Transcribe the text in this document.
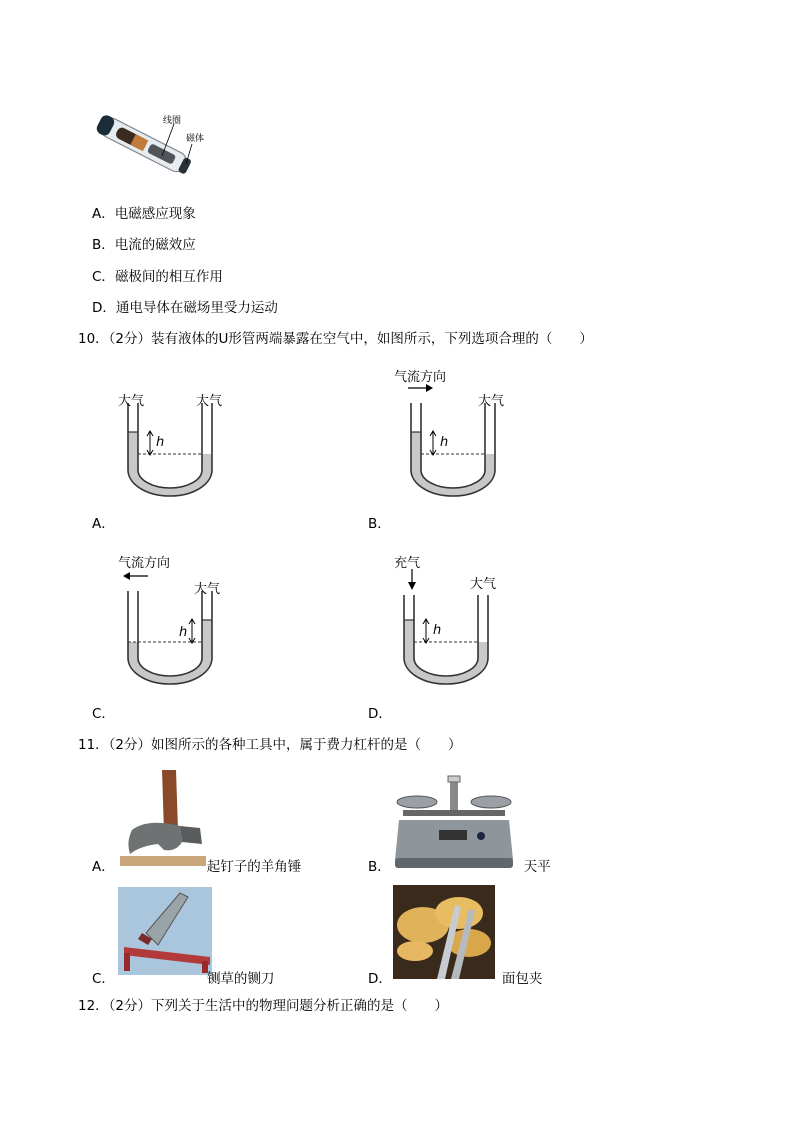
线圈
磁体
A．电磁感应现象
B．电流的磁效应
C．磁极间的相互作用
D．通电导体在磁场里受力运动
10．（2分）装有液体的U形管两端暴露在空气中，如图所示，下列选项合理的（　　）
大气	大气
h
A．
气流方向
大气
h
B．
气流方向
大气
h
C．
充气
大气
h
D．
11．（2分）如图所示的各种工具中，属于费力杠杆的是（　　）
A．	起钉子的羊角锤	B．	天平
C．	铡草的铡刀	D．	面包夹
12．（2分）下列关于生活中的物理问题分析正确的是（　　）
